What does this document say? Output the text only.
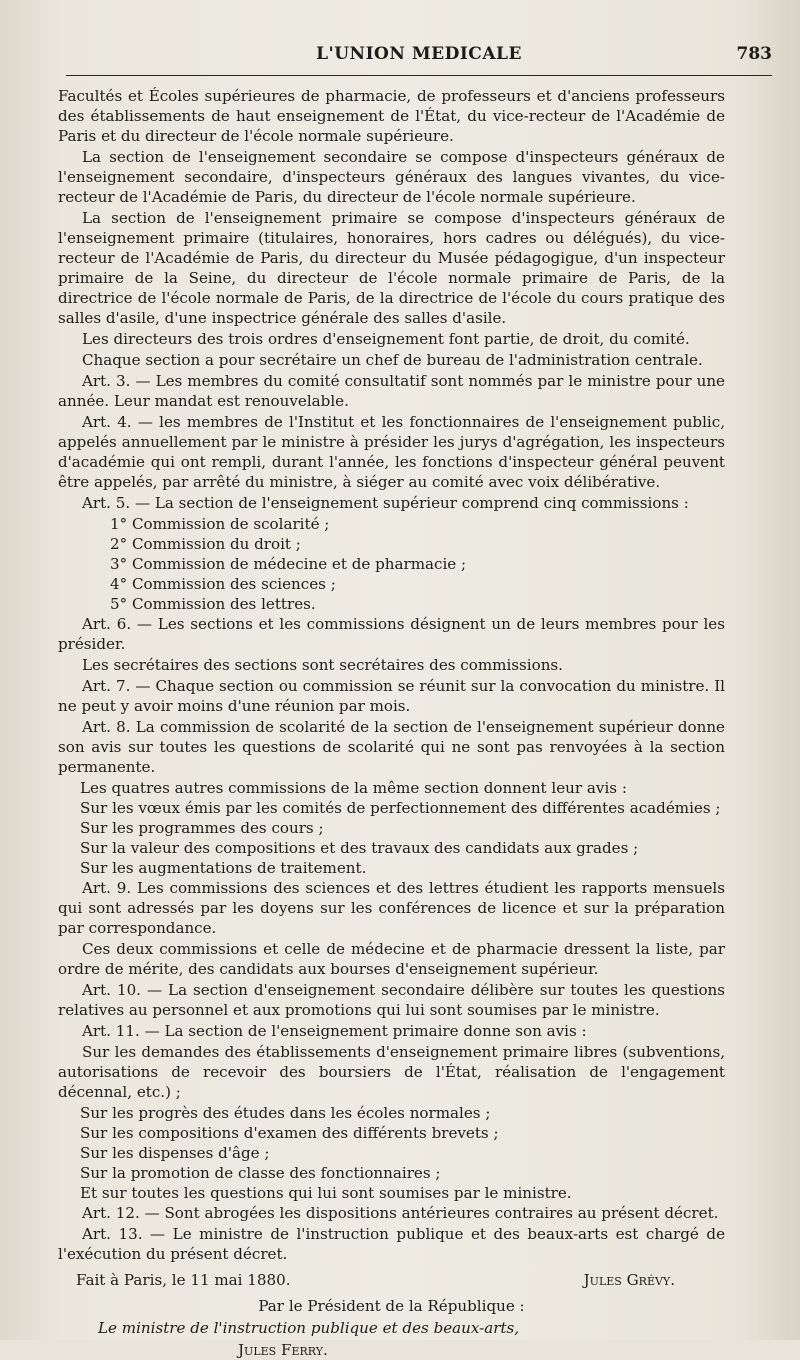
L'UNION MEDICALE	783

Facultés et Écoles supérieures de pharmacie, de professeurs et d'anciens professeurs des établissements de haut enseignement de l'État, du vice-recteur de l'Académie de Paris et du directeur de l'école normale supérieure.

La section de l'enseignement secondaire se compose d'inspecteurs généraux de l'enseignement secondaire, d'inspecteurs généraux des langues vivantes, du vice-recteur de l'Académie de Paris, du directeur de l'école normale supérieure.

La section de l'enseignement primaire se compose d'inspecteurs généraux de l'enseignement primaire (titulaires, honoraires, hors cadres ou délégués), du vice-recteur de l'Académie de Paris, du directeur du Musée pédagogigue, d'un inspecteur primaire de la Seine, du directeur de l'école normale primaire de Paris, de la directrice de l'école normale de Paris, de la directrice de l'école du cours pratique des salles d'asile, d'une inspectrice générale des salles d'asile.

Les directeurs des trois ordres d'enseignement font partie, de droit, du comité.

Chaque section a pour secrétaire un chef de bureau de l'administration centrale.

Art. 3. — Les membres du comité consultatif sont nommés par le ministre pour une année. Leur mandat est renouvelable.

Art. 4. — les membres de l'Institut et les fonctionnaires de l'enseignement public, appelés annuellement par le ministre à présider les jurys d'agrégation, les inspecteurs d'académie qui ont rempli, durant l'année, les fonctions d'inspecteur général peuvent être appelés, par arrêté du ministre, à siéger au comité avec voix délibérative.

Art. 5. — La section de l'enseignement supérieur comprend cinq commissions :

1° Commission de scolarité ;

2° Commission du droit ;

3° Commission de médecine et de pharmacie ;

4° Commission des sciences ;

5° Commission des lettres.

Art. 6. — Les sections et les commissions désignent un de leurs membres pour les présider.

Les secrétaires des sections sont secrétaires des commissions.

Art. 7. — Chaque section ou commission se réunit sur la convocation du ministre. Il ne peut y avoir moins d'une réunion par mois.

Art. 8. La commission de scolarité de la section de l'enseignement supérieur donne son avis sur toutes les questions de scolarité qui ne sont pas renvoyées à la section permanente.

Les quatres autres commissions de la même section donnent leur avis :

Sur les vœux émis par les comités de perfectionnement des différentes académies ;

Sur les programmes des cours ;

Sur la valeur des compositions et des travaux des candidats aux grades ;

Sur les augmentations de traitement.

Art. 9. Les commissions des sciences et des lettres étudient les rapports mensuels qui sont adressés par les doyens sur les conférences de licence et sur la préparation par correspondance.

Ces deux commissions et celle de médecine et de pharmacie dressent la liste, par ordre de mérite, des candidats aux bourses d'enseignement supérieur.

Art. 10. — La section d'enseignement secondaire délibère sur toutes les questions relatives au personnel et aux promotions qui lui sont soumises par le ministre.

Art. 11. — La section de l'enseignement primaire donne son avis :

Sur les demandes des établissements d'enseignement primaire libres (subventions, autorisations de recevoir des boursiers de l'État, réalisation de l'engagement décennal, etc.) ;

Sur les progrès des études dans les écoles normales ;

Sur les compositions d'examen des différents brevets ;

Sur les dispenses d'âge ;

Sur la promotion de classe des fonctionnaires ;

Et sur toutes les questions qui lui sont soumises par le ministre.

Art. 12. — Sont abrogées les dispositions antérieures contraires au présent décret.

Art. 13. — Le ministre de l'instruction publique et des beaux-arts est chargé de l'exécution du présent décret.

Fait à Paris, le 11 mai 1880.	Jules Grévy.
Par le Président de la République :
Le ministre de l'instruction publique et des beaux-arts,
Jules Ferry.
